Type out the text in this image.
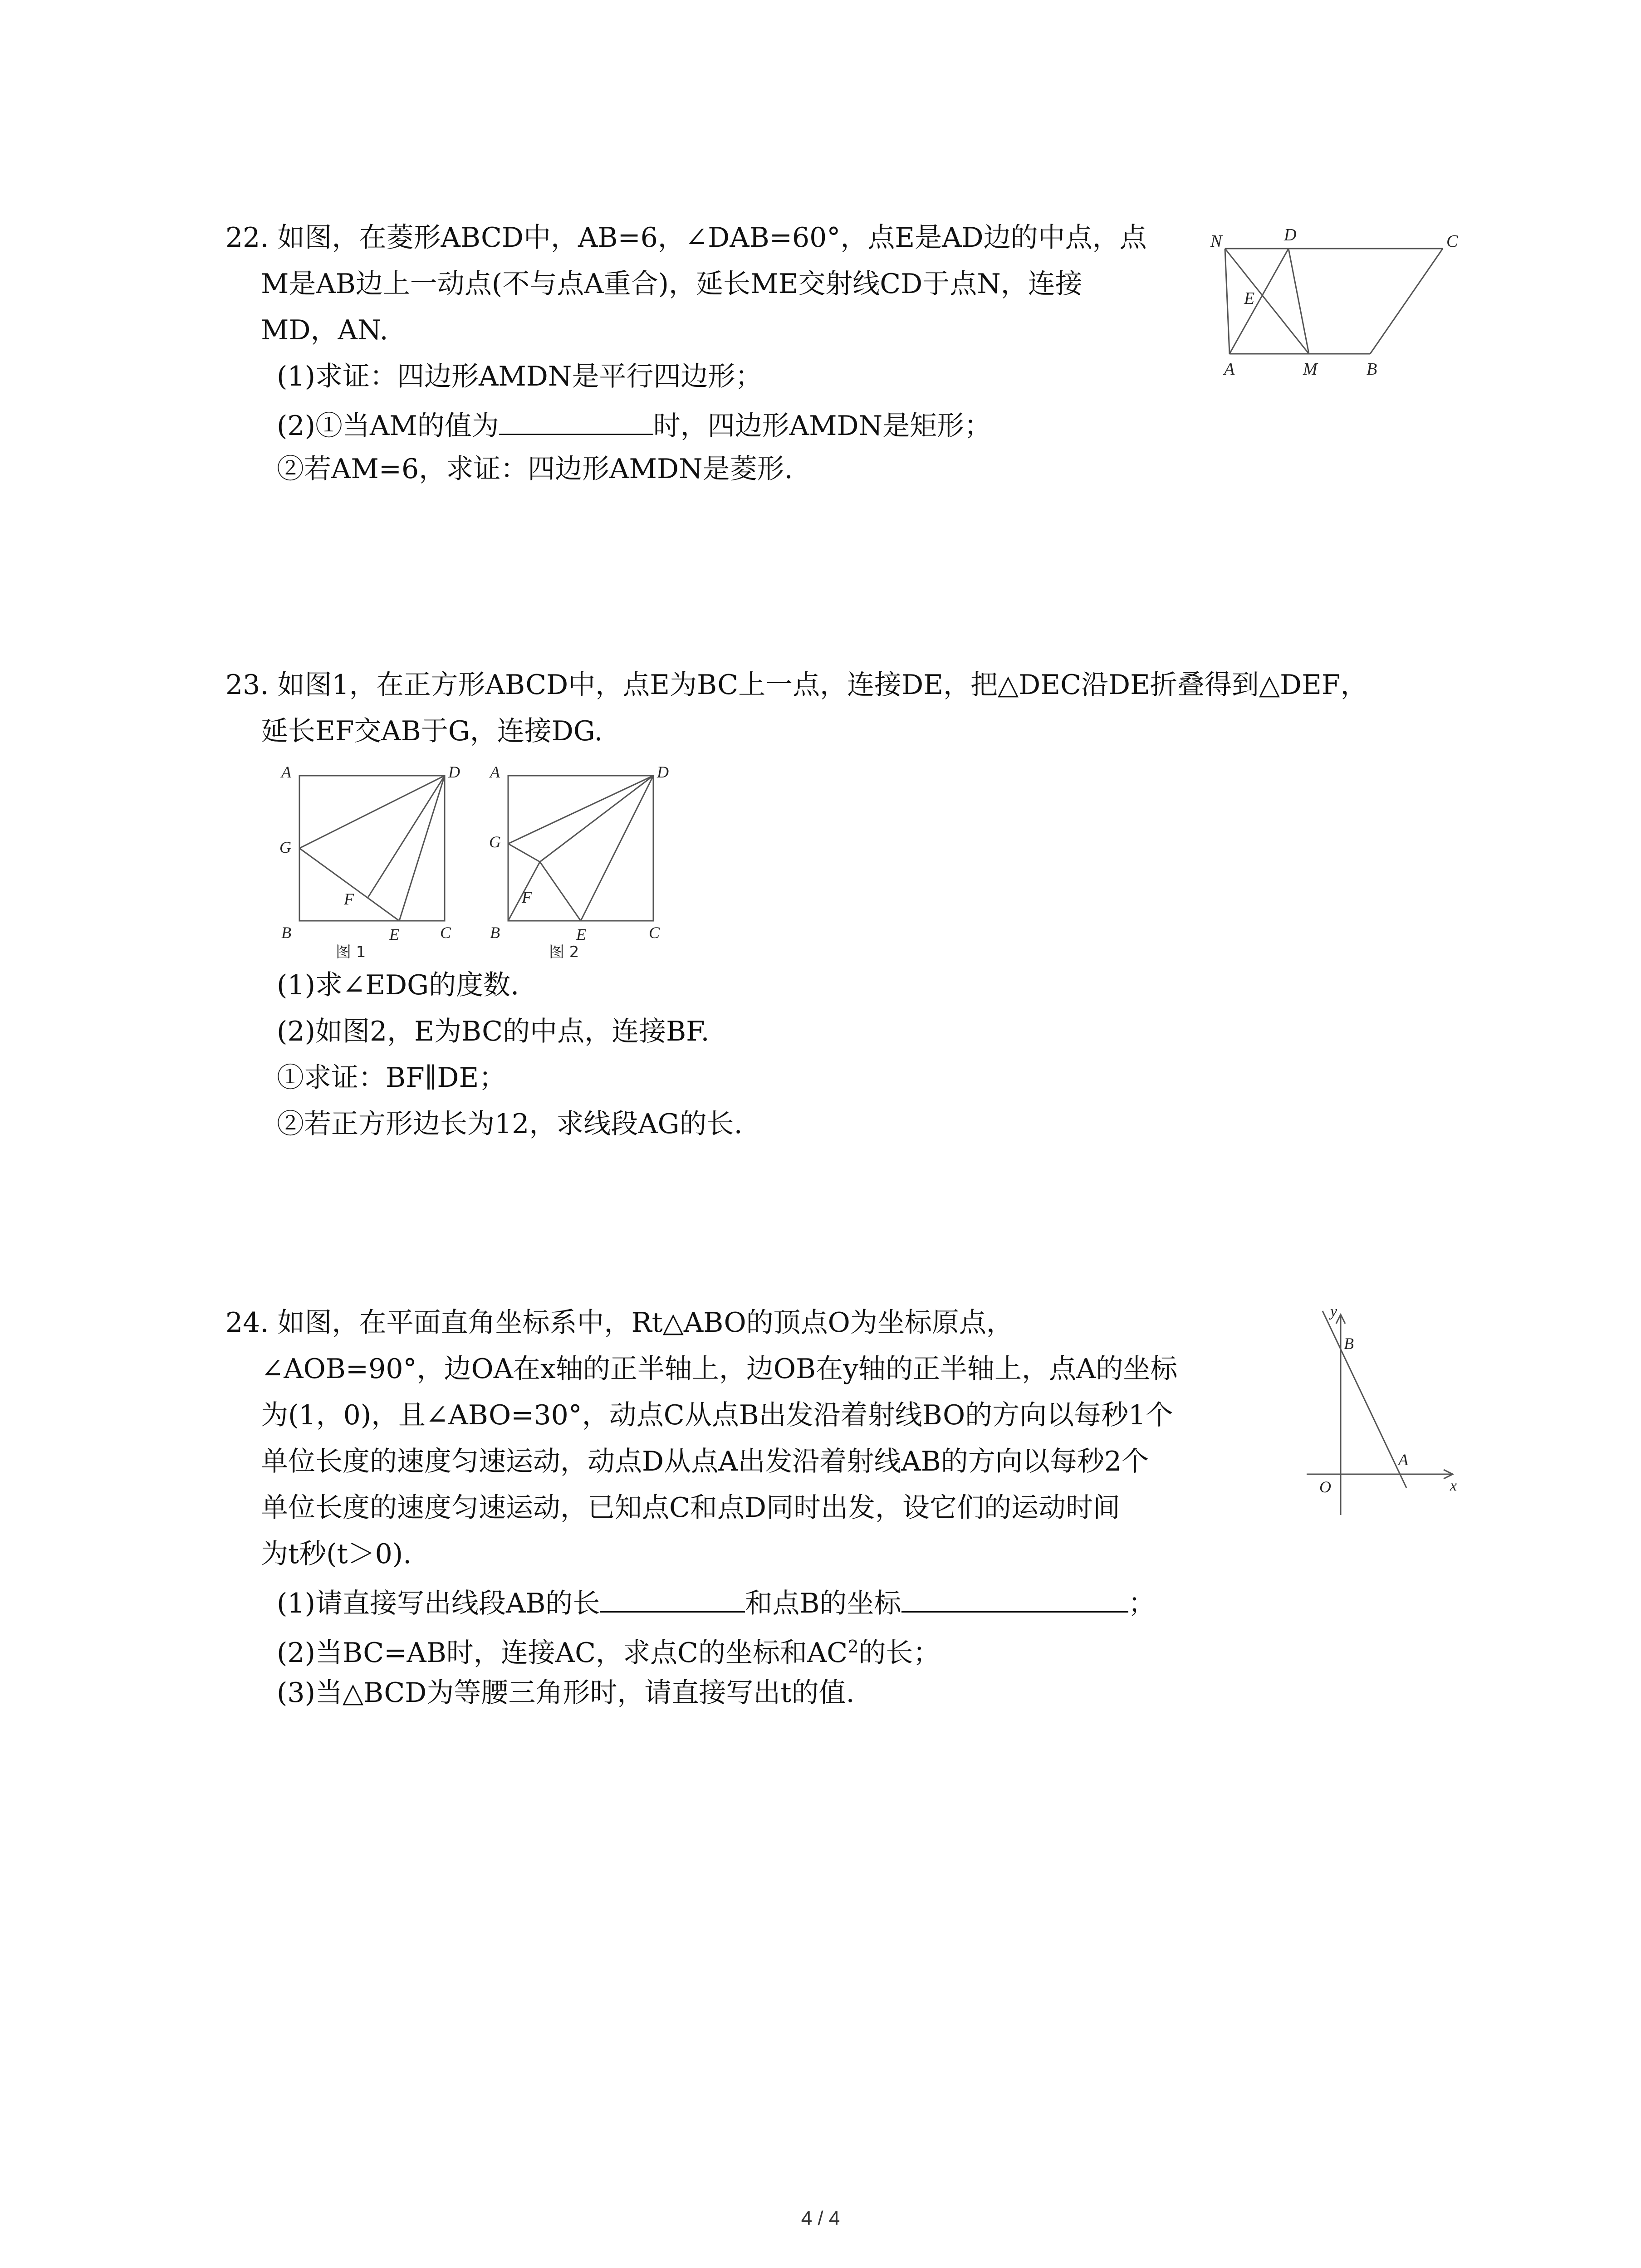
22. 如图，在菱形ABCD中，AB=6，∠DAB=60°，点E是AD边的中点，点
M是AB边上一动点(不与点A重合)，延长ME交射线CD于点N，连接
MD，AN.
(1)求证：四边形AMDN是平行四边形；
(2)①当AM的值为	时，四边形AMDN是矩形；
②若AM=6，求证：四边形AMDN是菱形.
N	D	C
E
A	M	B
23. 如图1，在正方形ABCD中，点E为BC上一点，连接DE，把△DEC沿DE折叠得到△DEF，
延长EF交AB于G，连接DG.
A	D
G
F
B	E	C
图 1
A	D
G
F
B	E	C
图 2
(1)求∠EDG的度数.
(2)如图2，E为BC的中点，连接BF.
①求证：BF∥DE；
②若正方形边长为12，求线段AG的长.
24. 如图，在平面直角坐标系中，Rt△ABO的顶点O为坐标原点，
∠AOB=90°，边OA在x轴的正半轴上，边OB在y轴的正半轴上，点A的坐标
为(1，0)，且∠ABO=30°，动点C从点B出发沿着射线BO的方向以每秒1个
单位长度的速度匀速运动，动点D从点A出发沿着射线AB的方向以每秒2个
单位长度的速度匀速运动，已知点C和点D同时出发，设它们的运动时间
为t秒(t＞0).
(1)请直接写出线段AB的长	和点B的坐标	；
(2)当BC=AB时，连接AC，求点C的坐标和$AC^2$的长；
(3)当△BCD为等腰三角形时，请直接写出t的值.
y
B
A
O	x
4 / 4
